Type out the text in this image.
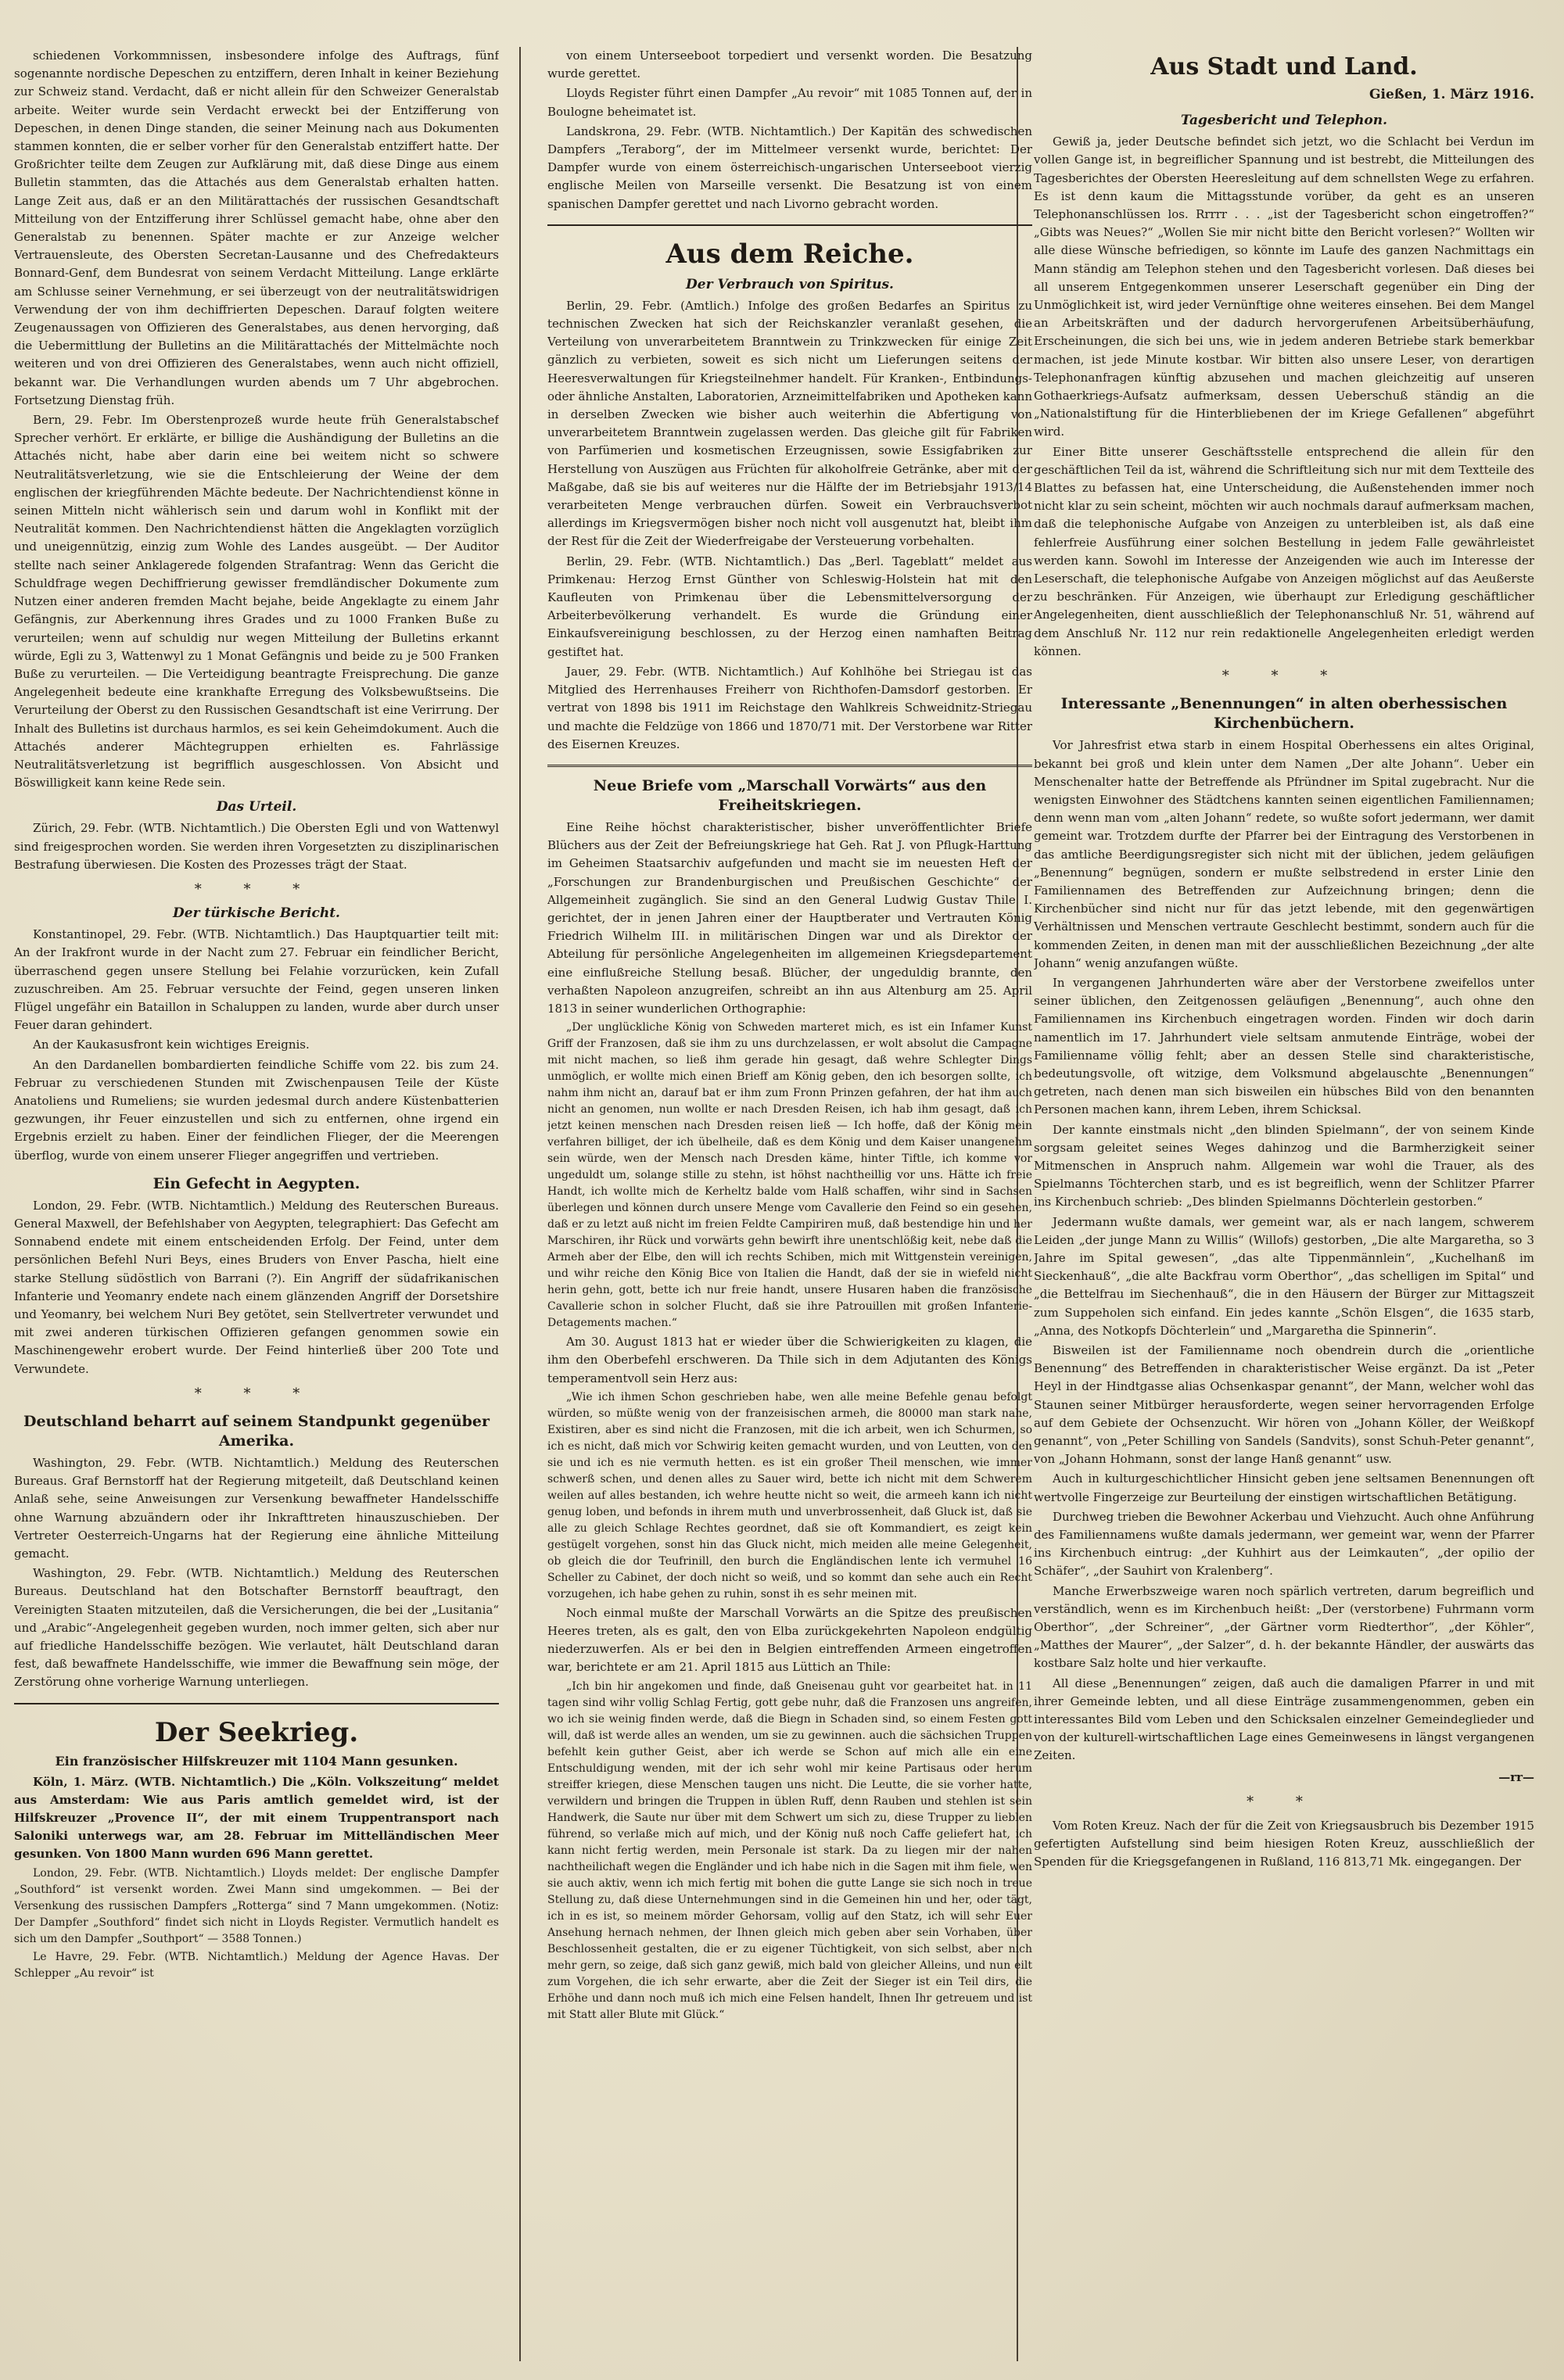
schiedenen Vorkommnissen, insbesondere infolge des Auftrags, fünf sogenannte nordische Depeschen zu entziffern, deren Inhalt in keiner Beziehung zur Schweiz stand. Verdacht, daß er nicht allein für den Schweizer Generalstab arbeite. Weiter wurde sein Verdacht erweckt bei der Entzifferung von Depeschen, in denen Dinge standen, die seiner Meinung nach aus Dokumenten stammen konnten, die er selber vorher für den Generalstab entziffert hatte. Der Großrichter teilte dem Zeugen zur Aufklärung mit, daß diese Dinge aus einem Bulletin stammten, das die Attachés aus dem Generalstab erhalten hatten. Lange Zeit aus, daß er an den Militärattachés der russischen Gesandtschaft Mitteilung von der Entzifferung ihrer Schlüssel gemacht habe, ohne aber den Generalstab zu benennen. Später machte er zur Anzeige welcher Vertrauensleute, des Obersten Secretan-Lausanne und des Chefredakteurs Bonnard-Genf, dem Bundesrat von seinem Verdacht Mitteilung. Lange erklärte am Schlusse seiner Vernehmung, er sei überzeugt von der neutralitätswidrigen Verwendung der von ihm dechiffrierten Depeschen. Darauf folgten weitere Zeugenaussagen von Offizieren des Generalstabes, aus denen hervorging, daß die Uebermittlung der Bulletins an die Militärattachés der Mittelmächte noch weiteren und von drei Offizieren des Generalstabes, wenn auch nicht offiziell, bekannt war. Die Verhandlungen wurden abends um 7 Uhr abgebrochen. Fortsetzung Dienstag früh.

Bern, 29. Febr. Im Oberstenprozeß wurde heute früh Generalstabschef Sprecher verhört. Er erklärte, er billige die Aushändigung der Bulletins an die Attachés nicht, habe aber darin eine bei weitem nicht so schwere Neutralitätsverletzung, wie sie die Entschleierung der Weine der dem englischen der kriegführenden Mächte bedeute. Der Nachrichtendienst könne in seinen Mitteln nicht wählerisch sein und darum wohl in Konflikt mit der Neutralität kommen. Den Nachrichtendienst hätten die Angeklagten vorzüglich und uneigennützig, einzig zum Wohle des Landes ausgeübt. — Der Auditor stellte nach seiner Anklagerede folgenden Strafantrag: Wenn das Gericht die Schuldfrage wegen Dechiffrierung gewisser fremdländischer Dokumente zum Nutzen einer anderen fremden Macht bejahe, beide Angeklagte zu einem Jahr Gefängnis, zur Aberkennung ihres Grades und zu 1000 Franken Buße zu verurteilen; wenn auf schuldig nur wegen Mitteilung der Bulletins erkannt würde, Egli zu 3, Wattenwyl zu 1 Monat Gefängnis und beide zu je 500 Franken Buße zu verurteilen. — Die Verteidigung beantragte Freisprechung. Die ganze Angelegenheit bedeute eine krankhafte Erregung des Volksbewußtseins. Die Verurteilung der Oberst zu den Russischen Gesandtschaft ist eine Verirrung. Der Inhalt des Bulletins ist durchaus harmlos, es sei kein Geheimdokument. Auch die Attachés anderer Mächtegruppen erhielten es. Fahrlässige Neutralitätsverletzung ist begrifflich ausgeschlossen. Von Absicht und Böswilligkeit kann keine Rede sein.

Das Urteil.

Zürich, 29. Febr. (WTB. Nichtamtlich.) Die Obersten Egli und von Wattenwyl sind freigesprochen worden. Sie werden ihren Vorgesetzten zu disziplinarischen Bestrafung überwiesen. Die Kosten des Prozesses trägt der Staat.

* * *
Der türkische Bericht.

Konstantinopel, 29. Febr. (WTB. Nichtamtlich.) Das Hauptquartier teilt mit: An der Irakfront wurde in der Nacht zum 27. Februar ein feindlicher Bericht, überraschend gegen unsere Stellung bei Felahie vorzurücken, kein Zufall zuzuschreiben. Am 25. Februar versuchte der Feind, gegen unseren linken Flügel ungefähr ein Bataillon in Schaluppen zu landen, wurde aber durch unser Feuer daran gehindert.

An der Kaukasusfront kein wichtiges Ereignis.

An den Dardanellen bombardierten feindliche Schiffe vom 22. bis zum 24. Februar zu verschiedenen Stunden mit Zwischenpausen Teile der Küste Anatoliens und Rumeliens; sie wurden jedesmal durch andere Küstenbatterien gezwungen, ihr Feuer einzustellen und sich zu entfernen, ohne irgend ein Ergebnis erzielt zu haben. Einer der feindlichen Flieger, der die Meerengen überflog, wurde von einem unserer Flieger angegriffen und vertrieben.

Ein Gefecht in Aegypten.

London, 29. Febr. (WTB. Nichtamtlich.) Meldung des Reuterschen Bureaus. General Maxwell, der Befehlshaber von Aegypten, telegraphiert: Das Gefecht am Sonnabend endete mit einem entscheidenden Erfolg. Der Feind, unter dem persönlichen Befehl Nuri Beys, eines Bruders von Enver Pascha, hielt eine starke Stellung südöstlich von Barrani (?). Ein Angriff der südafrikanischen Infanterie und Yeomanry endete nach einem glänzenden Angriff der Dorsetshire und Yeomanry, bei welchem Nuri Bey getötet, sein Stellvertreter verwundet und mit zwei anderen türkischen Offizieren gefangen genommen sowie ein Maschinengewehr erobert wurde. Der Feind hinterließ über 200 Tote und Verwundete.

* * *
Deutschland beharrt auf seinem Standpunkt gegenüber Amerika.

Washington, 29. Febr. (WTB. Nichtamtlich.) Meldung des Reuterschen Bureaus. Graf Bernstorff hat der Regierung mitgeteilt, daß Deutschland keinen Anlaß sehe, seine Anweisungen zur Versenkung bewaffneter Handelsschiffe ohne Warnung abzuändern oder ihr Inkrafttreten hinauszuschieben. Der Vertreter Oesterreich-Ungarns hat der Regierung eine ähnliche Mitteilung gemacht.

Washington, 29. Febr. (WTB. Nichtamtlich.) Meldung des Reuterschen Bureaus. Deutschland hat den Botschafter Bernstorff beauftragt, den Vereinigten Staaten mitzuteilen, daß die Versicherungen, die bei der „Lusitania“ und „Arabic“-Angelegenheit gegeben wurden, noch immer gelten, sich aber nur auf friedliche Handelsschiffe bezögen. Wie verlautet, hält Deutschland daran fest, daß bewaffnete Handelsschiffe, wie immer die Bewaffnung sein möge, der Zerstörung ohne vorherige Warnung unterliegen.

Der Seekrieg.
Ein französischer Hilfskreuzer mit 1104 Mann gesunken.

Köln, 1. März. (WTB. Nichtamtlich.) Die „Köln. Volkszeitung“ meldet aus Amsterdam: Wie aus Paris amtlich gemeldet wird, ist der Hilfskreuzer „Provence II“, der mit einem Truppentransport nach Saloniki unterwegs war, am 28. Februar im Mittelländischen Meer gesunken. Von 1800 Mann wurden 696 Mann gerettet.

London, 29. Febr. (WTB. Nichtamtlich.) Lloyds meldet: Der englische Dampfer „Southford“ ist versenkt worden. Zwei Mann sind umgekommen. — Bei der Versenkung des russischen Dampfers „Rotterga“ sind 7 Mann umgekommen. (Notiz: Der Dampfer „Southford“ findet sich nicht in Lloyds Register. Vermutlich handelt es sich um den Dampfer „Southport“ — 3588 Tonnen.)

Le Havre, 29. Febr. (WTB. Nichtamtlich.) Meldung der Agence Havas. Der Schlepper „Au revoir“ ist

von einem Unterseeboot torpediert und versenkt worden. Die Besatzung wurde gerettet.

Lloyds Register führt einen Dampfer „Au revoir“ mit 1085 Tonnen auf, der in Boulogne beheimatet ist.

Landskrona, 29. Febr. (WTB. Nichtamtlich.) Der Kapitän des schwedischen Dampfers „Teraborg“, der im Mittelmeer versenkt wurde, berichtet: Der Dampfer wurde von einem österreichisch-ungarischen Unterseeboot vierzig englische Meilen von Marseille versenkt. Die Besatzung ist von einem spanischen Dampfer gerettet und nach Livorno gebracht worden.

Aus dem Reiche.
Der Verbrauch von Spiritus.

Berlin, 29. Febr. (Amtlich.) Infolge des großen Bedarfes an Spiritus zu technischen Zwecken hat sich der Reichskanzler veranlaßt gesehen, die Verteilung von unverarbeitetem Branntwein zu Trinkzwecken für einige Zeit gänzlich zu verbieten, soweit es sich nicht um Lieferungen seitens der Heeresverwaltungen für Kriegsteilnehmer handelt. Für Kranken-, Entbindungs- oder ähnliche Anstalten, Laboratorien, Arzneimittelfabriken und Apotheken kann in derselben Zwecken wie bisher auch weiterhin die Abfertigung von unverarbeitetem Branntwein zugelassen werden. Das gleiche gilt für Fabriken von Parfümerien und kosmetischen Erzeugnissen, sowie Essigfabriken zur Herstellung von Auszügen aus Früchten für alkoholfreie Getränke, aber mit der Maßgabe, daß sie bis auf weiteres nur die Hälfte der im Betriebsjahr 1913/14 verarbeiteten Menge verbrauchen dürfen. Soweit ein Verbrauchsverbot allerdings im Kriegsvermögen bisher noch nicht voll ausgenutzt hat, bleibt ihm der Rest für die Zeit der Wiederfreigabe der Versteuerung vorbehalten.

Berlin, 29. Febr. (WTB. Nichtamtlich.) Das „Berl. Tageblatt“ meldet aus Primkenau: Herzog Ernst Günther von Schleswig-Holstein hat mit den Kaufleuten von Primkenau über die Lebensmittelversorgung der Arbeiterbevölkerung verhandelt. Es wurde die Gründung einer Einkaufsvereinigung beschlossen, zu der Herzog einen namhaften Beitrag gestiftet hat.

Jauer, 29. Febr. (WTB. Nichtamtlich.) Auf Kohlhöhe bei Striegau ist das Mitglied des Herrenhauses Freiherr von Richthofen-Damsdorf gestorben. Er vertrat von 1898 bis 1911 im Reichstage den Wahlkreis Schweidnitz-Striegau und machte die Feldzüge von 1866 und 1870/71 mit. Der Verstorbene war Ritter des Eisernen Kreuzes.

Neue Briefe vom „Marschall Vorwärts“ aus den Freiheitskriegen.

Eine Reihe höchst charakteristischer, bisher unveröffentlichter Briefe Blüchers aus der Zeit der Befreiungskriege hat Geh. Rat J. von Pflugk-Harttung im Geheimen Staatsarchiv aufgefunden und macht sie im neuesten Heft der „Forschungen zur Brandenburgischen und Preußischen Geschichte“ der Allgemeinheit zugänglich. Sie sind an den General Ludwig Gustav Thile I. gerichtet, der in jenen Jahren einer der Hauptberater und Vertrauten König Friedrich Wilhelm III. in militärischen Dingen war und als Direktor der Abteilung für persönliche Angelegenheiten im allgemeinen Kriegsdepartement eine einflußreiche Stellung besaß. Blücher, der ungeduldig brannte, den verhaßten Napoleon anzugreifen, schreibt an ihn aus Altenburg am 25. April 1813 in seiner wunderlichen Orthographie:

„Der unglückliche König von Schweden marteret mich, es ist ein Infamer Kunst Griff der Franzosen, daß sie ihm zu uns durchzelassen, er wolt absolut die Campagne mit nicht machen, so ließ ihm gerade hin gesagt, daß wehre Schlegter Dings unmöglich, er wollte mich einen Brieff am König geben, den ich besorgen sollte, ich nahm ihm nicht an, darauf bat er ihm zum Fronn Prinzen gefahren, der hat ihm auch nicht an genomen, nun wollte er nach Dresden Reisen, ich hab ihm gesagt, daß ich jetzt keinen menschen nach Dresden reisen ließ — Ich hoffe, daß der König mein verfahren billiget, der ich übelheile, daß es dem König und dem Kaiser unangenehm sein würde, wen der Mensch nach Dresden käme, hinter Tiftle, ich komme vor ungeduldt um, solange stille zu stehn, ist höhst nachtheillig vor uns. Hätte ich freie Handt, ich wollte mich de Kerheltz balde vom Halß schaffen, wihr sind in Sachsen überlegen und können durch unsere Menge vom Cavallerie den Feind so ein gesehen, daß er zu letzt auß nicht im freien Feldte Campiriren muß, daß bestendige hin und her Marschiren, ihr Rück und vorwärts gehn bewirft ihre unentschlößig keit, nebe daß die Armeh aber der Elbe, den will ich rechts Schiben, mich mit Wittgenstein vereinigen, und wihr reiche den König Bice von Italien die Handt, daß der sie in wiefeld nicht herin gehn, gott, bette ich nur freie handt, unsere Husaren haben die französische Cavallerie schon in solcher Flucht, daß sie ihre Patrouillen mit großen Infanterie-Detagements machen.“

Am 30. August 1813 hat er wieder über die Schwierigkeiten zu klagen, die ihm den Oberbefehl erschweren. Da Thile sich in dem Adjutanten des Königs temperamentvoll sein Herz aus:

„Wie ich ihmen Schon geschrieben habe, wen alle meine Befehle genau befolgt würden, so müßte wenig von der franzeisischen armeh, die 80000 man stark nahe, Existiren, aber es sind nicht die Franzosen, mit die ich arbeit, wen ich Schurmen, so ich es nicht, daß mich vor Schwirig keiten gemacht wurden, und von Leutten, von den sie und ich es nie vermuth hetten. es ist ein großer Theil menschen, wie immer schwerß schen, und denen alles zu Sauer wird, bette ich nicht mit dem Schwerem weilen auf alles bestanden, ich wehre heutte nicht so weit, die armeeh kann ich nicht genug loben, und befonds in ihrem muth und unverbrossenheit, daß Gluck ist, daß sie alle zu gleich Schlage Rechtes geordnet, daß sie oft Kommandiert, es zeigt kein gestügelt vorgehen, sonst hin das Gluck nicht, mich meiden alle meine Gelegenheit, ob gleich die dor Teufrinill, den burch die Engländischen lente ich vermuhel 16 Scheller zu Cabinet, der doch nicht so weiß, und so kommt dan sehe auch ein Recht vorzugehen, ich habe gehen zu ruhin, sonst ih es sehr meinen mit.

Noch einmal mußte der Marschall Vorwärts an die Spitze des preußischen Heeres treten, als es galt, den von Elba zurückgekehrten Napoleon endgültig niederzuwerfen. Als er bei den in Belgien eintreffenden Armeen eingetroffen war, berichtete er am 21. April 1815 aus Lüttich an Thile:

„Ich bin hir angekomen und finde, daß Gneisenau guht vor gearbeitet hat. in 11 tagen sind wihr vollig Schlag Fertig, gott gebe nuhr, daß die Franzosen uns angreifen, wo ich sie weinig finden werde, daß die Biegn in Schaden sind, so einem Festen gott will, daß ist werde alles an wenden, um sie zu gewinnen. auch die sächsichen Truppen befehlt kein guther Geist, aber ich werde se Schon auf mich alle ein eine Entschuldigung wenden, mit der ich sehr wohl mir keine Partisaus oder herum streiffer kriegen, diese Menschen taugen uns nicht. Die Leutte, die sie vorher hatte, verwildern und bringen die Truppen in üblen Ruff, denn Rauben und stehlen ist sein Handwerk, die Saute nur über mit dem Schwert um sich zu, diese Trupper zu lieblen führend, so verlaße mich auf mich, und der König nuß noch Caffe geliefert hat, ich kann nicht fertig werden, mein Personale ist stark. Da zu liegen mir der nahen nachtheilichaft wegen die Engländer und ich habe nich in die Sagen mit ihm fiele, wen sie auch aktiv, wenn ich mich fertig mit bohen die gutte Lange sie sich noch in treue Stellung zu, daß diese Unternehmungen sind in die Gemeinen hin und her, oder tägt, ich in es ist, so meinem mörder Gehorsam, vollig auf den Statz, ich will sehr Euer Ansehung hernach nehmen, der Ihnen gleich mich geben aber sein Vorhaben, über Beschlossenheit gestalten, die er zu eigener Tüchtigkeit, von sich selbst, aber nich mehr gern, so zeige, daß sich ganz gewiß, mich bald von gleicher Alleins, und nun eilt zum Vorgehen, die ich sehr erwarte, aber die Zeit der Sieger ist ein Teil dirs, die Erhöhe und dann noch muß ich mich eine Felsen handelt, Ihnen Ihr getreuem und ist mit Statt aller Blute mit Glück.“

Aus Stadt und Land.
Gießen, 1. März 1916.
Tagesbericht und Telephon.

Gewiß ja, jeder Deutsche befindet sich jetzt, wo die Schlacht bei Verdun im vollen Gange ist, in begreiflicher Spannung und ist bestrebt, die Mitteilungen des Tagesberichtes der Obersten Heeresleitung auf dem schnellsten Wege zu erfahren. Es ist denn kaum die Mittagsstunde vorüber, da geht es an unseren Telephonanschlüssen los. Rrrrr . . . „ist der Tagesbericht schon eingetroffen?“ „Gibts was Neues?“ „Wollen Sie mir nicht bitte den Bericht vorlesen?“ Wollten wir alle diese Wünsche befriedigen, so könnte im Laufe des ganzen Nachmittags ein Mann ständig am Telephon stehen und den Tagesbericht vorlesen. Daß dieses bei all unserem Entgegenkommen unserer Leserschaft gegenüber ein Ding der Unmöglichkeit ist, wird jeder Vernünftige ohne weiteres einsehen. Bei dem Mangel an Arbeitskräften und der dadurch hervorgerufenen Arbeitsüberhäufung, Erscheinungen, die sich bei uns, wie in jedem anderen Betriebe stark bemerkbar machen, ist jede Minute kostbar. Wir bitten also unsere Leser, von derartigen Telephonanfragen künftig abzusehen und machen gleichzeitig auf unseren Gothaerkriegs-Aufsatz aufmerksam, dessen Ueberschuß ständig an die „Nationalstiftung für die Hinterbliebenen der im Kriege Gefallenen“ abgeführt wird.

Einer Bitte unserer Geschäftsstelle entsprechend die allein für den geschäftlichen Teil da ist, während die Schriftleitung sich nur mit dem Textteile des Blattes zu befassen hat, eine Unterscheidung, die Außenstehenden immer noch nicht klar zu sein scheint, möchten wir auch nochmals darauf aufmerksam machen, daß die telephonische Aufgabe von Anzeigen zu unterbleiben ist, als daß eine fehlerfreie Ausführung einer solchen Bestellung in jedem Falle gewährleistet werden kann. Sowohl im Interesse der Anzeigenden wie auch im Interesse der Leserschaft, die telephonische Aufgabe von Anzeigen möglichst auf das Aeußerste zu beschränken. Für Anzeigen, wie überhaupt zur Erledigung geschäftlicher Angelegenheiten, dient ausschließlich der Telephonanschluß Nr. 51, während auf dem Anschluß Nr. 112 nur rein redaktionelle Angelegenheiten erledigt werden können.

* * *
Interessante „Benennungen“ in alten oberhessischen Kirchenbüchern.

Vor Jahresfrist etwa starb in einem Hospital Oberhessens ein altes Original, bekannt bei groß und klein unter dem Namen „Der alte Johann“. Ueber ein Menschenalter hatte der Betreffende als Pfründner im Spital zugebracht. Nur die wenigsten Einwohner des Städtchens kannten seinen eigentlichen Familiennamen; denn wenn man vom „alten Johann“ redete, so wußte sofort jedermann, wer damit gemeint war. Trotzdem durfte der Pfarrer bei der Eintragung des Verstorbenen in das amtliche Beerdigungsregister sich nicht mit der üblichen, jedem geläufigen „Benennung“ begnügen, sondern er mußte selbstredend in erster Linie den Familiennamen des Betreffenden zur Aufzeichnung bringen; denn die Kirchenbücher sind nicht nur für das jetzt lebende, mit den gegenwärtigen Verhältnissen und Menschen vertraute Geschlecht bestimmt, sondern auch für die kommenden Zeiten, in denen man mit der ausschließlichen Bezeichnung „der alte Johann“ wenig anzufangen wüßte.

In vergangenen Jahrhunderten wäre aber der Verstorbene zweifellos unter seiner üblichen, den Zeitgenossen geläufigen „Benennung“, auch ohne den Familiennamen ins Kirchenbuch eingetragen worden. Finden wir doch darin namentlich im 17. Jahrhundert viele seltsam anmutende Einträge, wobei der Familienname völlig fehlt; aber an dessen Stelle sind charakteristische, bedeutungsvolle, oft witzige, dem Volksmund abgelauschte „Benennungen“ getreten, nach denen man sich bisweilen ein hübsches Bild von den benannten Personen machen kann, ihrem Leben, ihrem Schicksal.

Der kannte einstmals nicht „den blinden Spielmann“, der von seinem Kinde sorgsam geleitet seines Weges dahinzog und die Barmherzigkeit seiner Mitmenschen in Anspruch nahm. Allgemein war wohl die Trauer, als des Spielmanns Töchterchen starb, und es ist begreiflich, wenn der Schlitzer Pfarrer ins Kirchenbuch schrieb: „Des blinden Spielmanns Döchterlein gestorben.“

Jedermann wußte damals, wer gemeint war, als er nach langem, schwerem Leiden „der junge Mann zu Willis“ (Willofs) gestorben, „Die alte Margaretha, so 3 Jahre im Spital gewesen“, „das alte Tippenmännlein“, „Kuchelhanß im Sieckenhauß“, „die alte Backfrau vorm Oberthor“, „das schelligen im Spital“ und „die Bettelfrau im Siechenhauß“, die in den Häusern der Bürger zur Mittagszeit zum Suppeholen sich einfand. Ein jedes kannte „Schön Elsgen“, die 1635 starb, „Anna, des Notkopfs Döchterlein“ und „Margaretha die Spinnerin“.

Bisweilen ist der Familienname noch obendrein durch die „orientliche Benennung“ des Betreffenden in charakteristischer Weise ergänzt. Da ist „Peter Heyl in der Hindtgasse alias Ochsenkaspar genannt“, der Mann, welcher wohl das Staunen seiner Mitbürger herausforderte, wegen seiner hervorragenden Erfolge auf dem Gebiete der Ochsenzucht. Wir hören von „Johann Köller, der Weißkopf genannt“, von „Peter Schilling von Sandels (Sandvits), sonst Schuh-Peter genannt“, von „Johann Hohmann, sonst der lange Hanß genannt“ usw.

Auch in kulturgeschichtlicher Hinsicht geben jene seltsamen Benennungen oft wertvolle Fingerzeige zur Beurteilung der einstigen wirtschaftlichen Betätigung.

Durchweg trieben die Bewohner Ackerbau und Viehzucht. Auch ohne Anführung des Familiennamens wußte damals jedermann, wer gemeint war, wenn der Pfarrer ins Kirchenbuch eintrug: „der Kuhhirt aus der Leimkauten“, „der opilio der Schäfer“, „der Sauhirt von Kralenberg“.

Manche Erwerbszweige waren noch spärlich vertreten, darum begreiflich und verständlich, wenn es im Kirchenbuch heißt: „Der (verstorbene) Fuhrmann vorm Oberthor“, „der Schreiner“, „der Gärtner vorm Riedterthor“, „der Köhler“, „Matthes der Maurer“, „der Salzer“, d. h. der bekannte Händler, der auswärts das kostbare Salz holte und hier verkaufte.

All diese „Benennungen“ zeigen, daß auch die damaligen Pfarrer in und mit ihrer Gemeinde lebten, und all diese Einträge zusammengenommen, geben ein interessantes Bild vom Leben und den Schicksalen einzelner Gemeindeglieder und von der kulturell-wirtschaftlichen Lage eines Gemeinwesens in längst vergangenen Zeiten.

—rr—
* *

Vom Roten Kreuz. Nach der für die Zeit von Kriegsausbruch bis Dezember 1915 gefertigten Aufstellung sind beim hiesigen Roten Kreuz, ausschließlich der Spenden für die Kriegsgefangenen in Rußland, 116 813,71 Mk. eingegangen. Der
